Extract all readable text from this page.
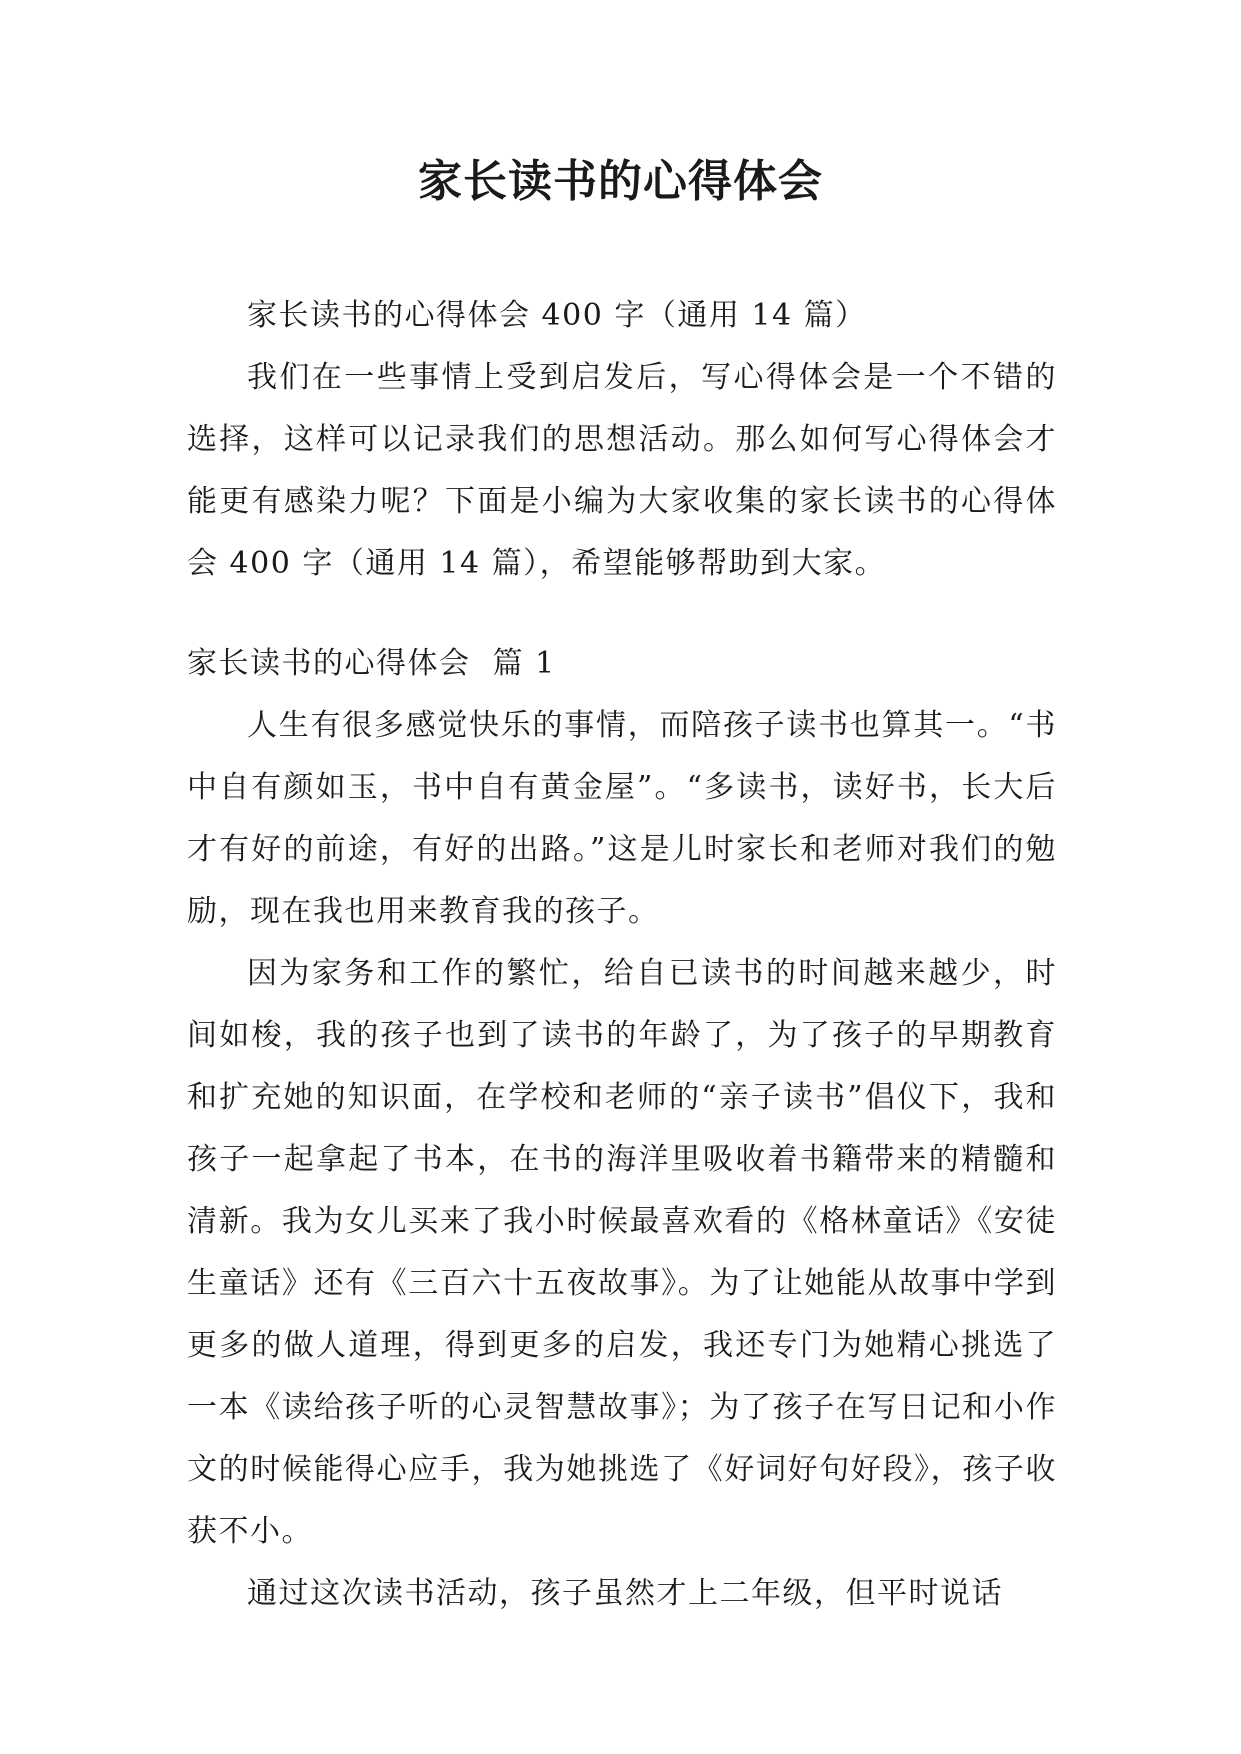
家长读书的心得体会

家长读书的心得体会 400 字（通用 14 篇）

我们在一些事情上受到启发后，写心得体会是一个不错的选择，这样可以记录我们的思想活动。那么如何写心得体会才能更有感染力呢？下面是小编为大家收集的家长读书的心得体会 400 字（通用 14 篇），希望能够帮助到大家。

家长读书的心得体会  篇 1

人生有很多感觉快乐的事情，而陪孩子读书也算其一。“书中自有颜如玉，书中自有黄金屋”。“多读书，读好书，长大后才有好的前途，有好的出路。”这是儿时家长和老师对我们的勉励，现在我也用来教育我的孩子。

因为家务和工作的繁忙，给自已读书的时间越来越少，时间如梭，我的孩子也到了读书的年龄了，为了孩子的早期教育和扩充她的知识面，在学校和老师的“亲子读书”倡仪下，我和孩子一起拿起了书本，在书的海洋里吸收着书籍带来的精髓和清新。我为女儿买来了我小时候最喜欢看的《格林童话》《安徒生童话》还有《三百六十五夜故事》。为了让她能从故事中学到更多的做人道理，得到更多的启发，我还专门为她精心挑选了一本《读给孩子听的心灵智慧故事》；为了孩子在写日记和小作文的时候能得心应手，我为她挑选了《好词好句好段》，孩子收获不小。

通过这次读书活动，孩子虽然才上二年级，但平时说话
